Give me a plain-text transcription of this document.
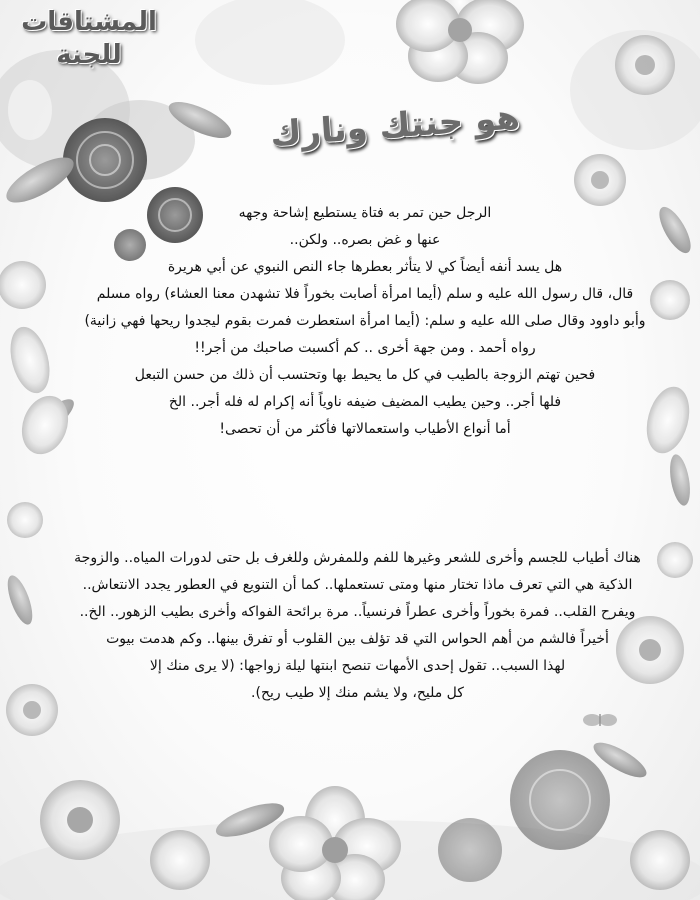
المشتاقات
للجنة
هو جنتك ونارك
الرجل حين تمر به فتاة يستطيع إشاحة وجهه
عنها و غض بصره.. ولكن..
هل يسد أنفه أيضاً كي لا يتأثر بعطرها جاء النص النبوي عن أبي هريرة
قال، قال رسول الله عليه و سلم (أيما امرأة أصابت بخوراً فلا تشهدن معنا العشاء) رواه مسلم
وأبو داوود وقال صلى الله عليه و سلم: (أيما امرأة استعطرت فمرت بقوم ليجدوا ريحها فهي زانية)
رواه أحمد . ومن جهة أخرى .. كم أكسبت صاحبك من أجر!!
فحين تهتم الزوجة بالطيب في كل ما يحيط بها وتحتسب أن ذلك من حسن التبعل
فلها أجر.. وحين يطيب المضيف ضيفه ناوياً أنه إكرام له فله أجر.. الخ
أما أنواع الأطياب واستعمالاتها فأكثر من أن تحصى!
هناك أطياب للجسم وأخرى للشعر وغيرها للفم وللمفرش وللغرف بل حتى لدورات المياه.. والزوجة
الذكية هي التي تعرف ماذا تختار منها ومتى تستعملها.. كما أن التنويع في العطور يجدد الانتعاش..
ويفرح القلب.. فمرة بخوراً وأخرى عطراً فرنسياً.. مرة برائحة الفواكه وأخرى بطيب الزهور.. الخ..
أخيراً فالشم من أهم الحواس التي قد تؤلف بين القلوب أو تفرق بينها.. وكم هدمت بيوت
لهذا السبب.. تقول إحدى الأمهات تنصح ابنتها ليلة زواجها: (لا يرى منك إلا
كل مليح، ولا يشم منك إلا طيب ريح).
